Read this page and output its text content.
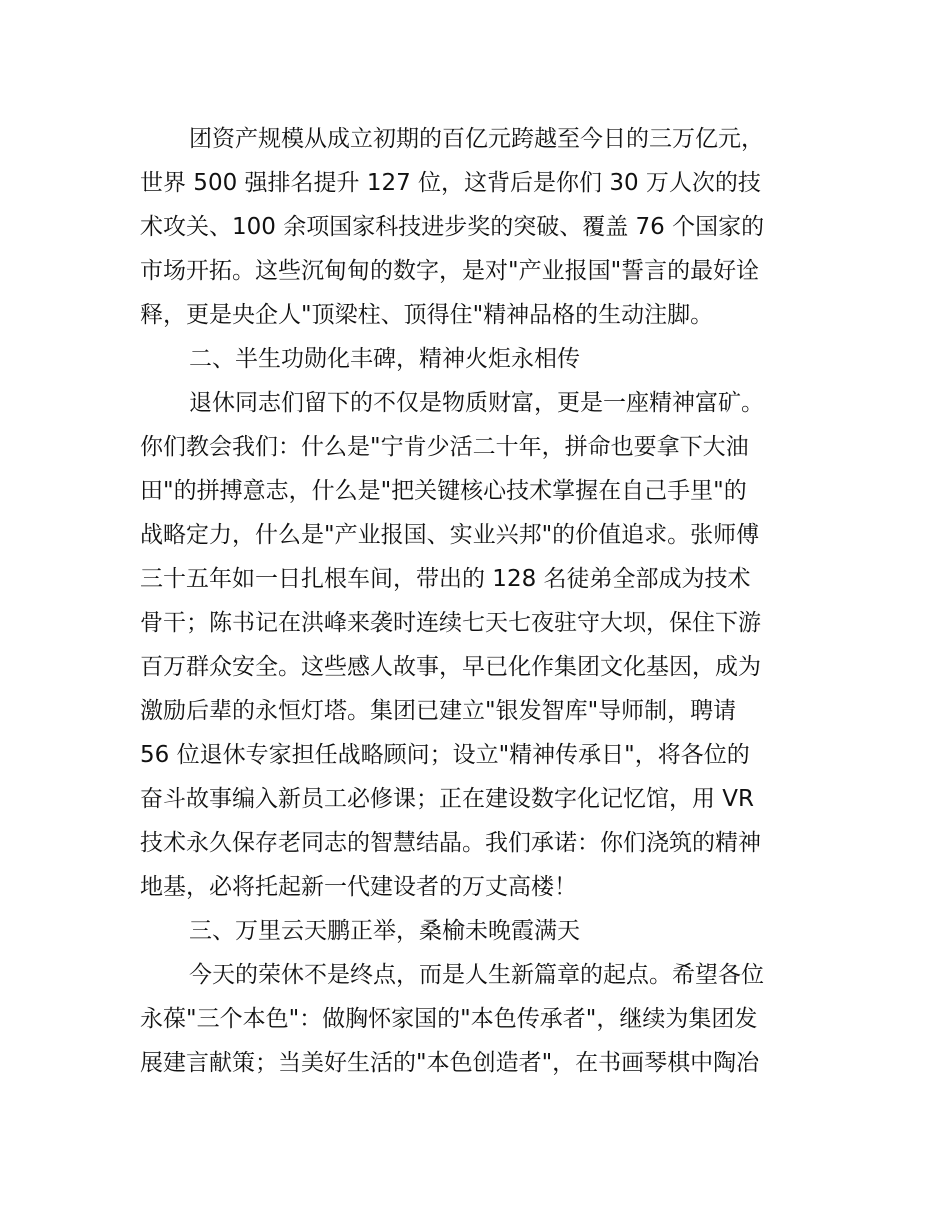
团资产规模从成立初期的百亿元跨越至今日的三万亿元，
世界 500 强排名提升 127 位，这背后是你们 30 万人次的技
术攻关、100 余项国家科技进步奖的突破、覆盖 76 个国家的
市场开拓。这些沉甸甸的数字，是对"产业报国"誓言的最好诠
释，更是央企人"顶梁柱、顶得住"精神品格的生动注脚。
二、半生功勋化丰碑，精神火炬永相传
退休同志们留下的不仅是物质财富，更是一座精神富矿。
你们教会我们：什么是"宁肯少活二十年，拼命也要拿下大油
田"的拼搏意志，什么是"把关键核心技术掌握在自己手里"的
战略定力，什么是"产业报国、实业兴邦"的价值追求。张师傅
三十五年如一日扎根车间，带出的 128 名徒弟全部成为技术
骨干；陈书记在洪峰来袭时连续七天七夜驻守大坝，保住下游
百万群众安全。这些感人故事，早已化作集团文化基因，成为
激励后辈的永恒灯塔。集团已建立"银发智库"导师制，聘请
56 位退休专家担任战略顾问；设立"精神传承日"，将各位的
奋斗故事编入新员工必修课；正在建设数字化记忆馆，用 VR
技术永久保存老同志的智慧结晶。我们承诺：你们浇筑的精神
地基，必将托起新一代建设者的万丈高楼！
三、万里云天鹏正举，桑榆未晚霞满天
今天的荣休不是终点，而是人生新篇章的起点。希望各位
永葆"三个本色"：做胸怀家国的"本色传承者"，继续为集团发
展建言献策；当美好生活的"本色创造者"，在书画琴棋中陶冶
